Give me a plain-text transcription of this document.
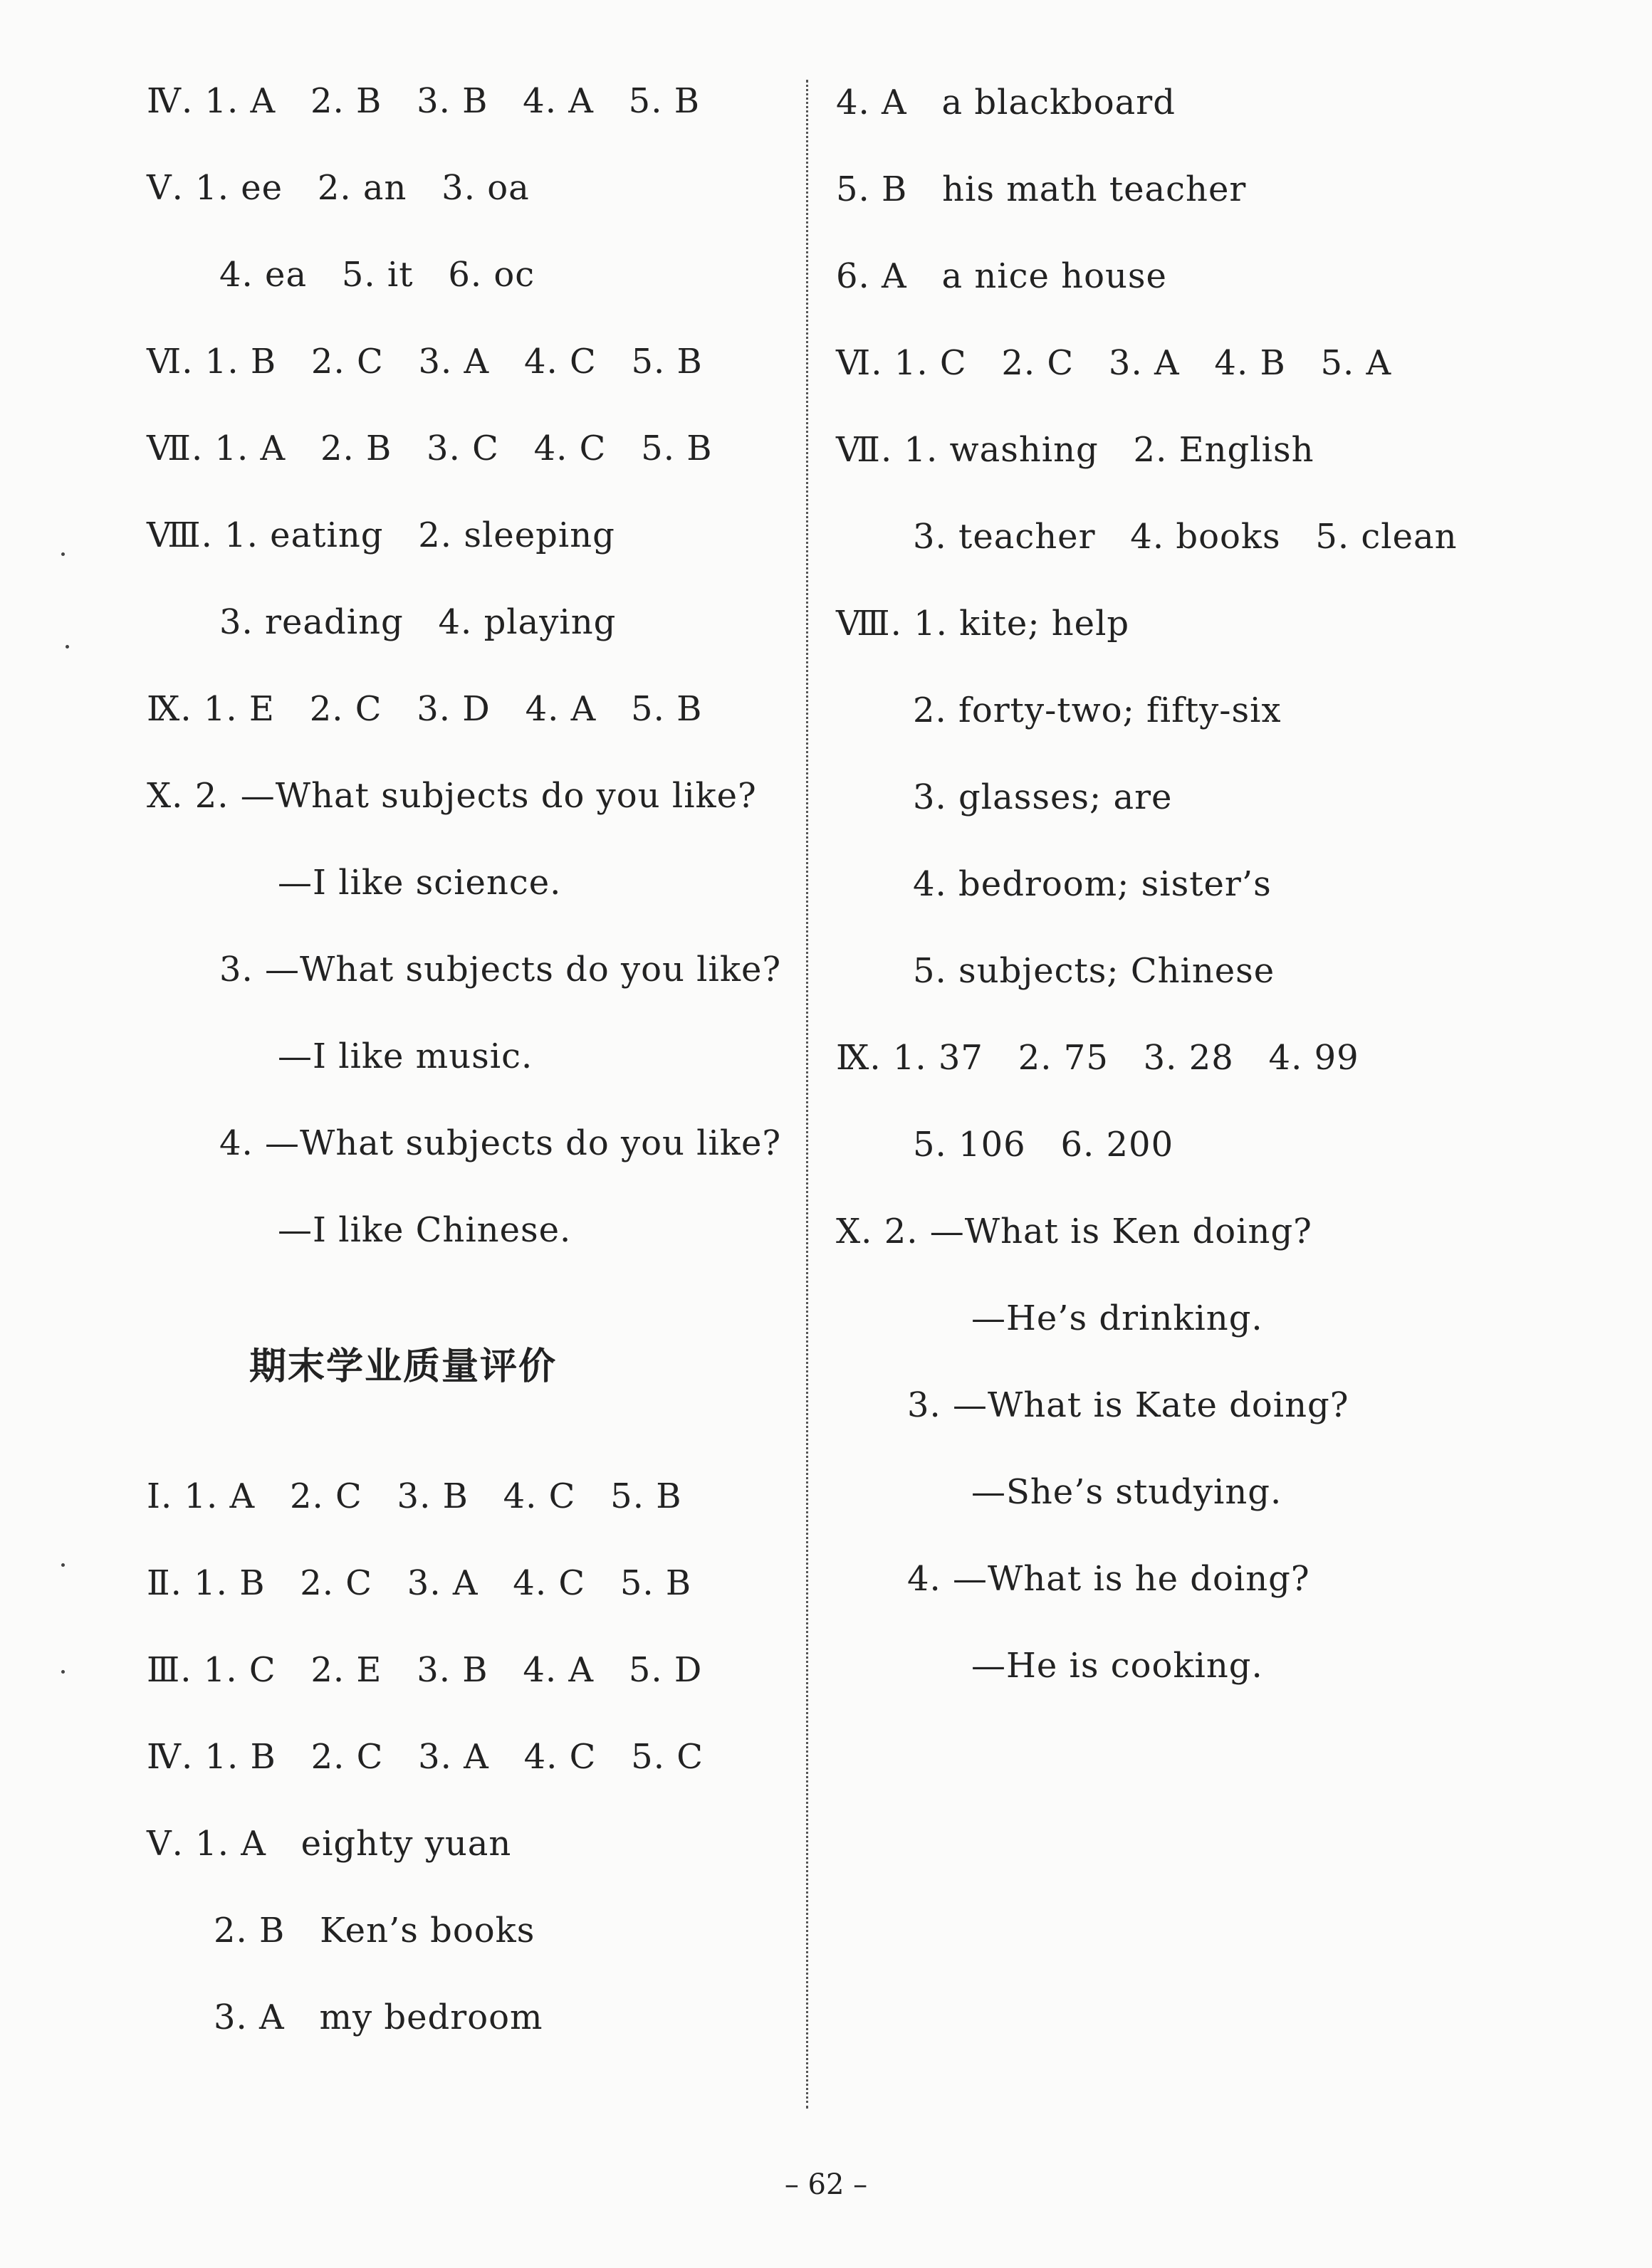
Ⅳ. 1. A   2. B   3. B   4. A   5. B
Ⅴ. 1. ee   2. an   3. oa
4. ea   5. it   6. oc
Ⅵ. 1. B   2. C   3. A   4. C   5. B
Ⅶ. 1. A   2. B   3. C   4. C   5. B
Ⅷ. 1. eating   2. sleeping
3. reading   4. playing
Ⅸ. 1. E   2. C   3. D   4. A   5. B
Ⅹ. 2. —What subjects do you like?
—I like science.
3. —What subjects do you like?
—I like music.
4. —What subjects do you like?
—I like Chinese.
期末学业质量评价
Ⅰ. 1. A   2. C   3. B   4. C   5. B
Ⅱ. 1. B   2. C   3. A   4. C   5. B
Ⅲ. 1. C   2. E   3. B   4. A   5. D
Ⅳ. 1. B   2. C   3. A   4. C   5. C
Ⅴ. 1. A   eighty yuan
2. B   Ken’s books
3. A   my bedroom
4. A   a blackboard
5. B   his math teacher
6. A   a nice house
Ⅵ. 1. C   2. C   3. A   4. B   5. A
Ⅶ. 1. washing   2. English
3. teacher   4. books   5. clean
Ⅷ. 1. kite; help
2. forty-two; fifty-six
3. glasses; are
4. bedroom; sister’s
5. subjects; Chinese
Ⅸ. 1. 37   2. 75   3. 28   4. 99
5. 106   6. 200
Ⅹ. 2. —What is Ken doing?
—He’s drinking.
3. —What is Kate doing?
—She’s studying.
4. —What is he doing?
—He is cooking.
– 62 –
